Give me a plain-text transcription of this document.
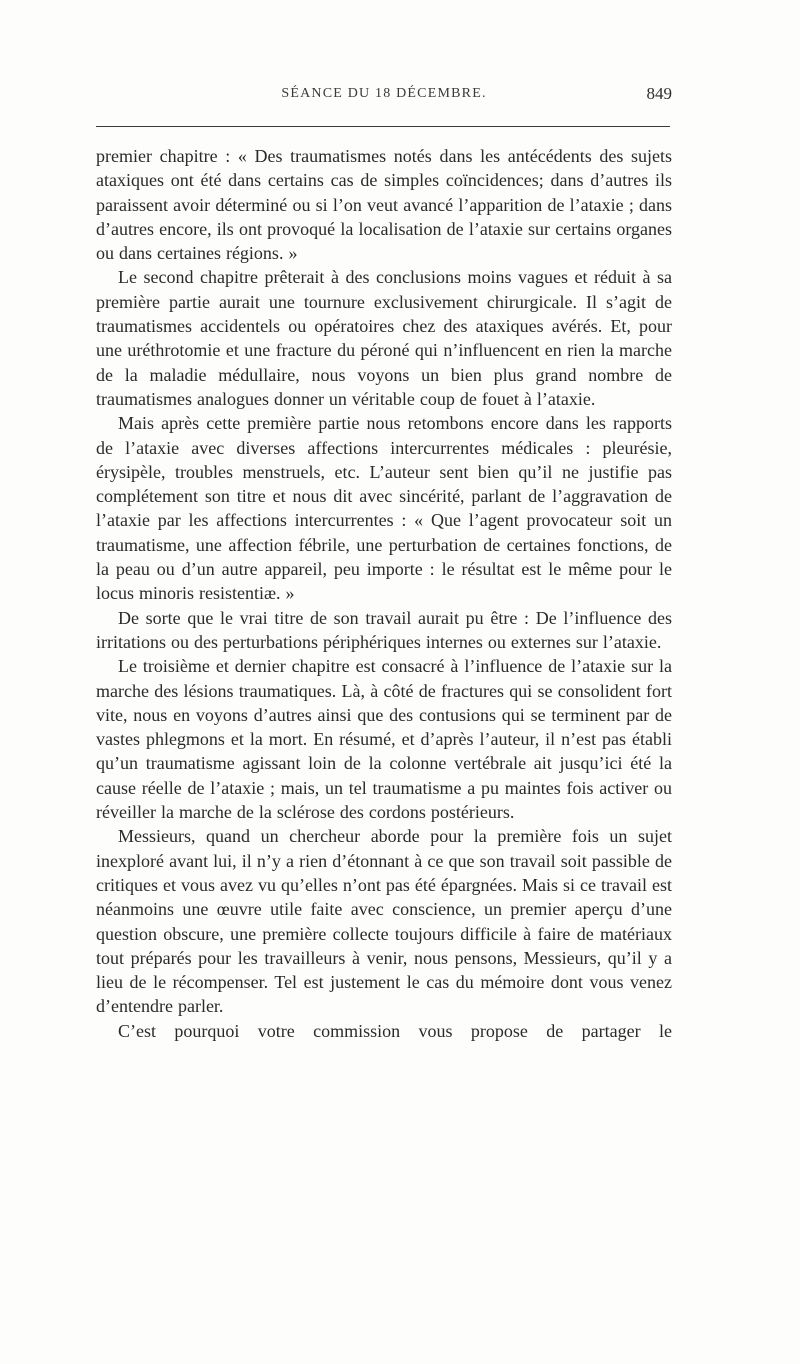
SÉANCE DU 18 DÉCEMBRE.	849

premier chapitre : « Des traumatismes notés dans les antécédents des sujets ataxiques ont été dans certains cas de simples coïncidences; dans d’autres ils paraissent avoir déterminé ou si l’on veut avancé l’apparition de l’ataxie ; dans d’autres encore, ils ont provoqué la localisation de l’ataxie sur certains organes ou dans certaines régions. »

Le second chapitre prêterait à des conclusions moins vagues et réduit à sa première partie aurait une tournure exclusivement chirurgicale. Il s’agit de traumatismes accidentels ou opératoires chez des ataxiques avérés. Et, pour une uréthrotomie et une fracture du péroné qui n’influencent en rien la marche de la maladie médullaire, nous voyons un bien plus grand nombre de traumatismes analogues donner un véritable coup de fouet à l’ataxie.

Mais après cette première partie nous retombons encore dans les rapports de l’ataxie avec diverses affections intercurrentes médicales : pleurésie, érysipèle, troubles menstruels, etc. L’auteur sent bien qu’il ne justifie pas complétement son titre et nous dit avec sincérité, parlant de l’aggravation de l’ataxie par les affections intercurrentes : « Que l’agent provocateur soit un traumatisme, une affection fébrile, une perturbation de certaines fonctions, de la peau ou d’un autre appareil, peu importe : le résultat est le même pour le locus minoris resistentiæ. »

De sorte que le vrai titre de son travail aurait pu être : De l’influence des irritations ou des perturbations périphériques internes ou externes sur l’ataxie.

Le troisième et dernier chapitre est consacré à l’influence de l’ataxie sur la marche des lésions traumatiques. Là, à côté de fractures qui se consolident fort vite, nous en voyons d’autres ainsi que des contusions qui se terminent par de vastes phlegmons et la mort. En résumé, et d’après l’auteur, il n’est pas établi qu’un traumatisme agissant loin de la colonne vertébrale ait jusqu’ici été la cause réelle de l’ataxie ; mais, un tel traumatisme a pu maintes fois activer ou réveiller la marche de la sclérose des cordons postérieurs.

Messieurs, quand un chercheur aborde pour la première fois un sujet inexploré avant lui, il n’y a rien d’étonnant à ce que son travail soit passible de critiques et vous avez vu qu’elles n’ont pas été épargnées. Mais si ce travail est néanmoins une œuvre utile faite avec conscience, un premier aperçu d’une question obscure, une première collecte toujours difficile à faire de matériaux tout préparés pour les travailleurs à venir, nous pensons, Messieurs, qu’il y a lieu de le récompenser. Tel est justement le cas du mémoire dont vous venez d’entendre parler.

C’est pourquoi votre commission vous propose de partager le
